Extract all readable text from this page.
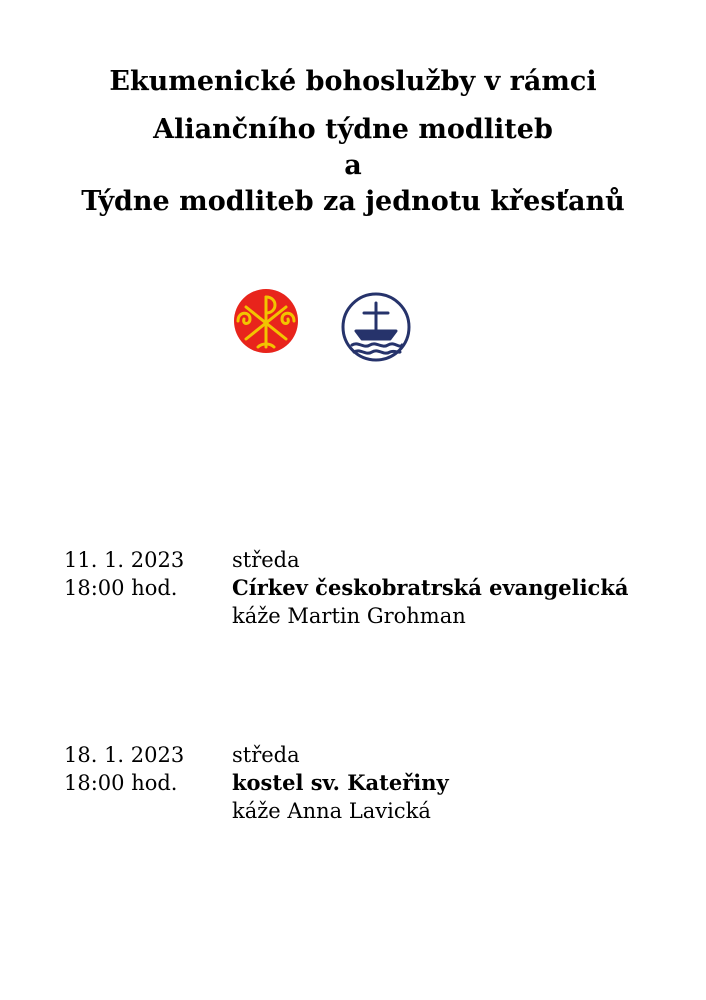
Ekumenické bohoslužby v rámci
Aliančního týdne modliteb
a
Týdne modliteb za jednotu křesťanů
11. 1. 2023 středa
18:00 hod.	Církev českobratrská evangelická
káže Martin Grohman
18. 1. 2023 středa
18:00 hod.	kostel sv. Kateřiny
káže Anna Lavická
